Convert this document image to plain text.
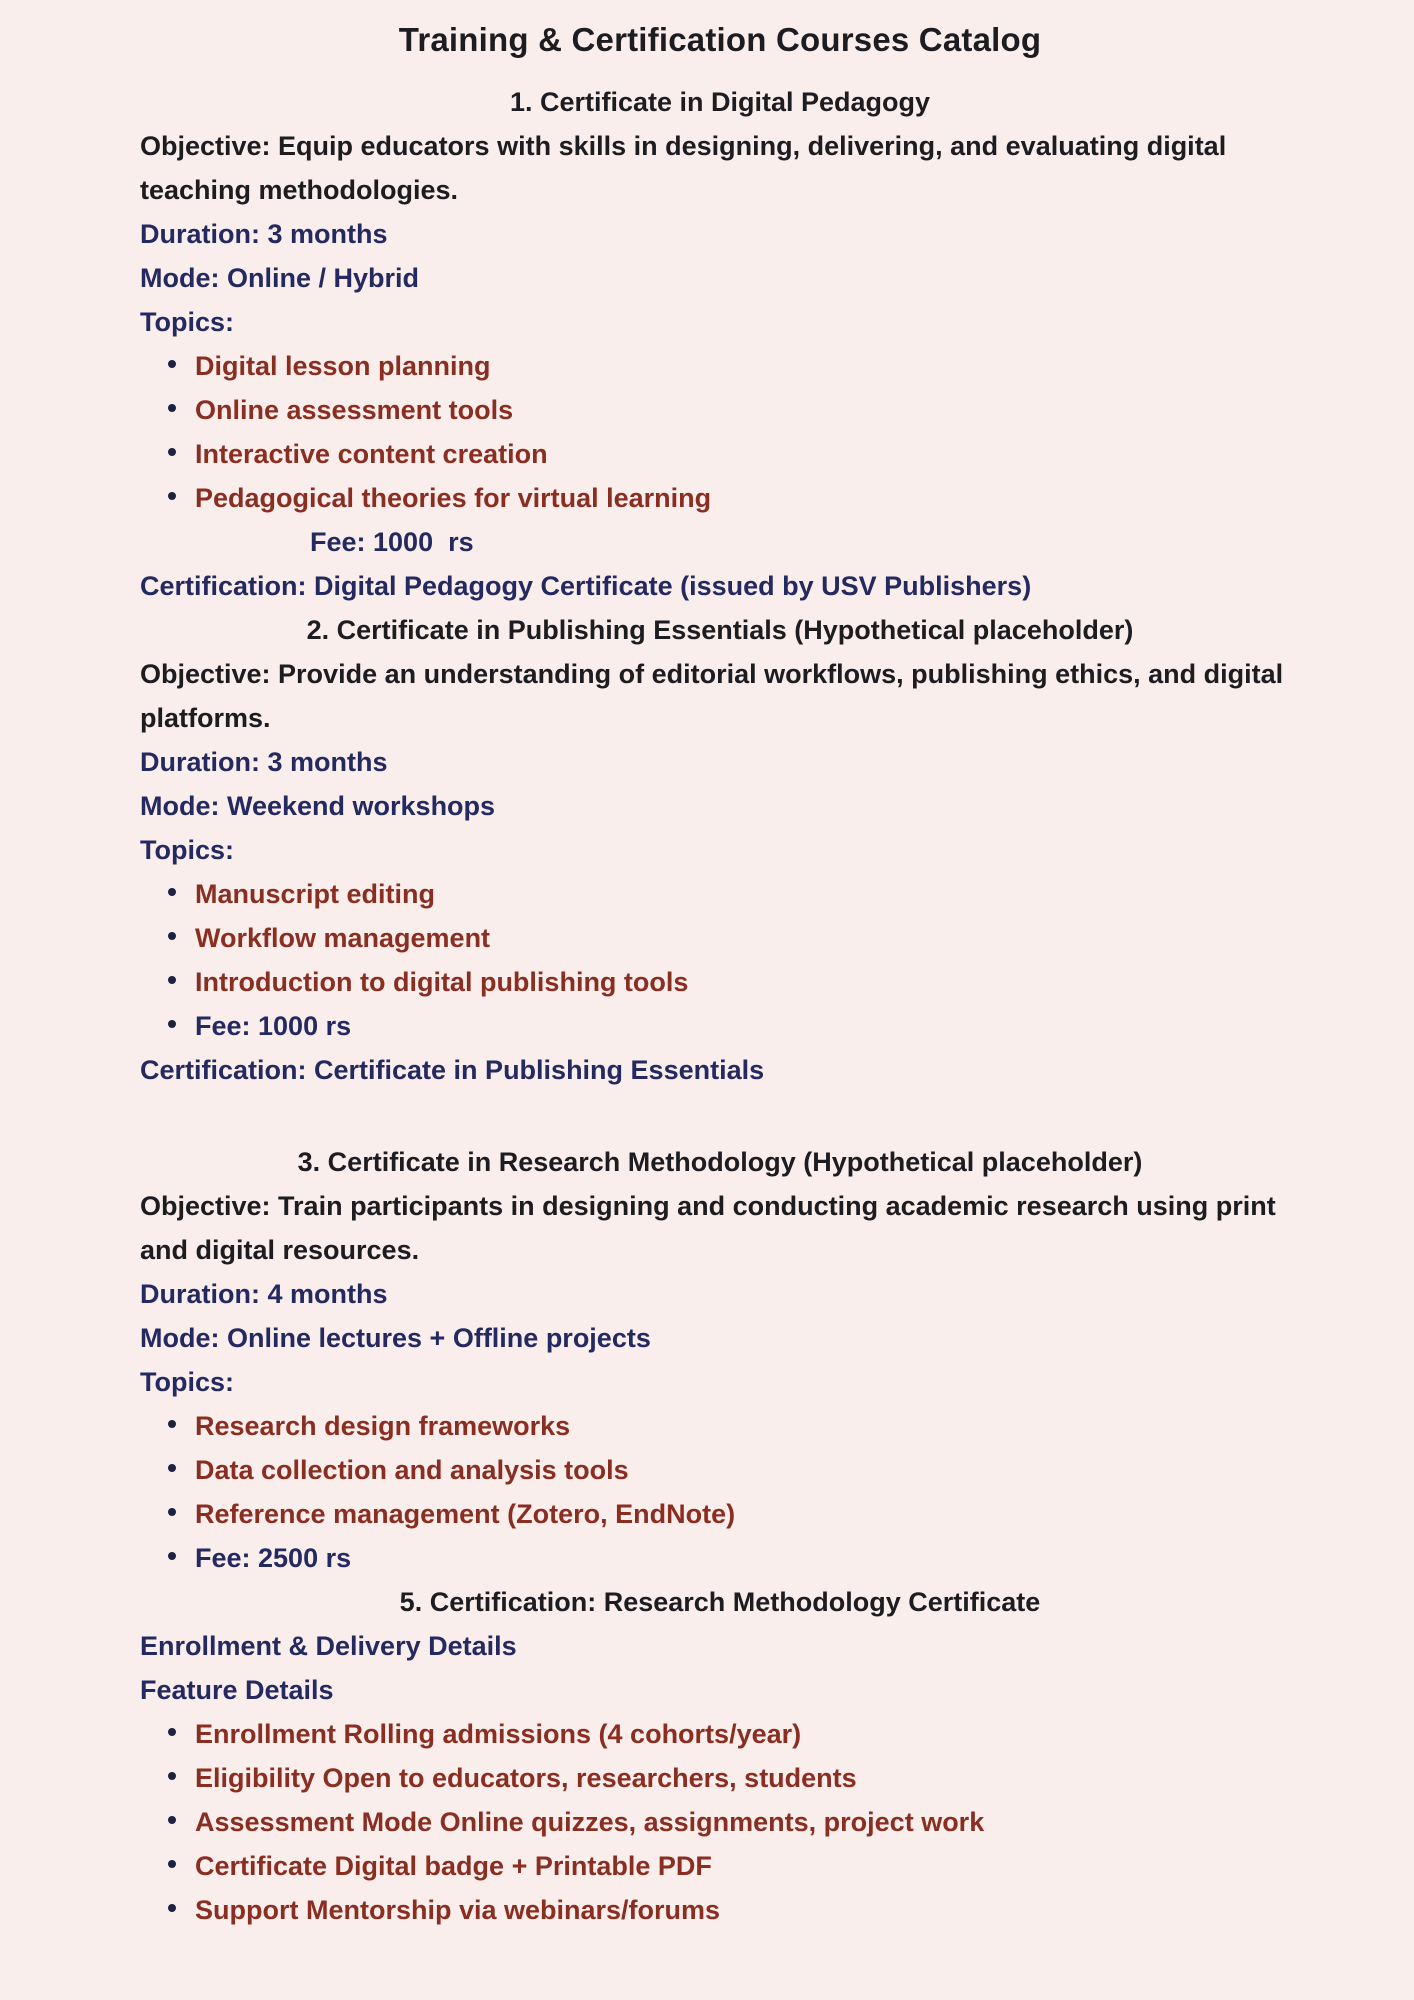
Training & Certification Courses Catalog
1. Certificate in Digital Pedagogy

Objective: Equip educators with skills in designing, delivering, and evaluating digital teaching methodologies.

Duration: 3 months

Mode: Online / Hybrid

Topics:

Digital lesson planning
Online assessment tools
Interactive content creation
Pedagogical theories for virtual learning

Fee: 1000  rs

Certification: Digital Pedagogy Certificate (issued by USV Publishers)

2. Certificate in Publishing Essentials (Hypothetical placeholder)

Objective: Provide an understanding of editorial workflows, publishing ethics, and digital platforms.

Duration: 3 months

Mode: Weekend workshops

Topics:

Manuscript editing
Workflow management
Introduction to digital publishing tools
Fee: 1000 rs

Certification: Certificate in Publishing Essentials

3. Certificate in Research Methodology (Hypothetical placeholder)

Objective: Train participants in designing and conducting academic research using print and digital resources.

Duration: 4 months

Mode: Online lectures + Offline projects

Topics:

Research design frameworks
Data collection and analysis tools
Reference management (Zotero, EndNote)
Fee: 2500 rs
5. Certification: Research Methodology Certificate

Enrollment & Delivery Details

Feature Details

Enrollment Rolling admissions (4 cohorts/year)
Eligibility Open to educators, researchers, students
Assessment Mode Online quizzes, assignments, project work
Certificate Digital badge + Printable PDF
Support Mentorship via webinars/forums
